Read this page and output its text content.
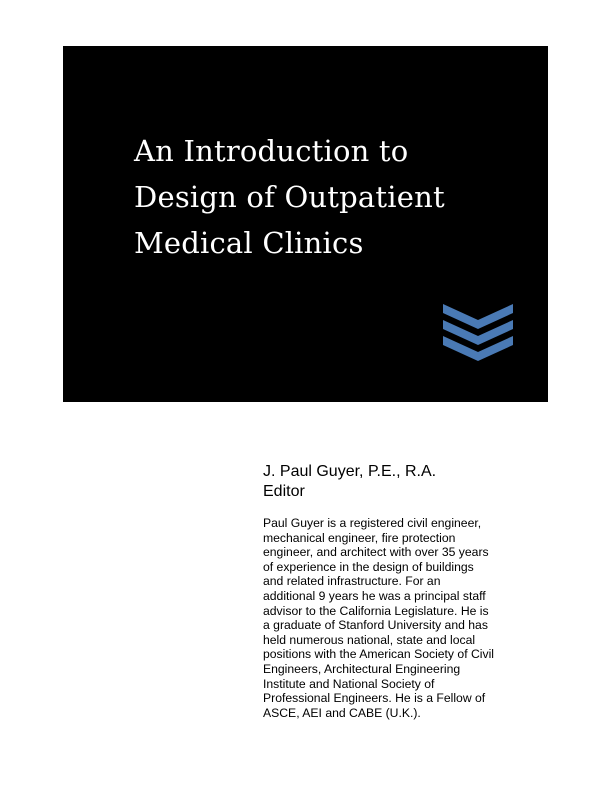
An Introduction to
Design of Outpatient
Medical Clinics
J. Paul Guyer, P.E., R.A.
Editor
Paul Guyer is a registered civil engineer,
mechanical engineer, fire protection
engineer, and architect with over 35 years
of experience in the design of buildings
and related infrastructure. For an
additional 9 years he was a principal staff
advisor to the California Legislature. He is
a graduate of Stanford University and has
held numerous national, state and local
positions with the American Society of Civil
Engineers, Architectural Engineering
Institute and National Society of
Professional Engineers. He is a Fellow of
ASCE, AEI and CABE (U.K.).
